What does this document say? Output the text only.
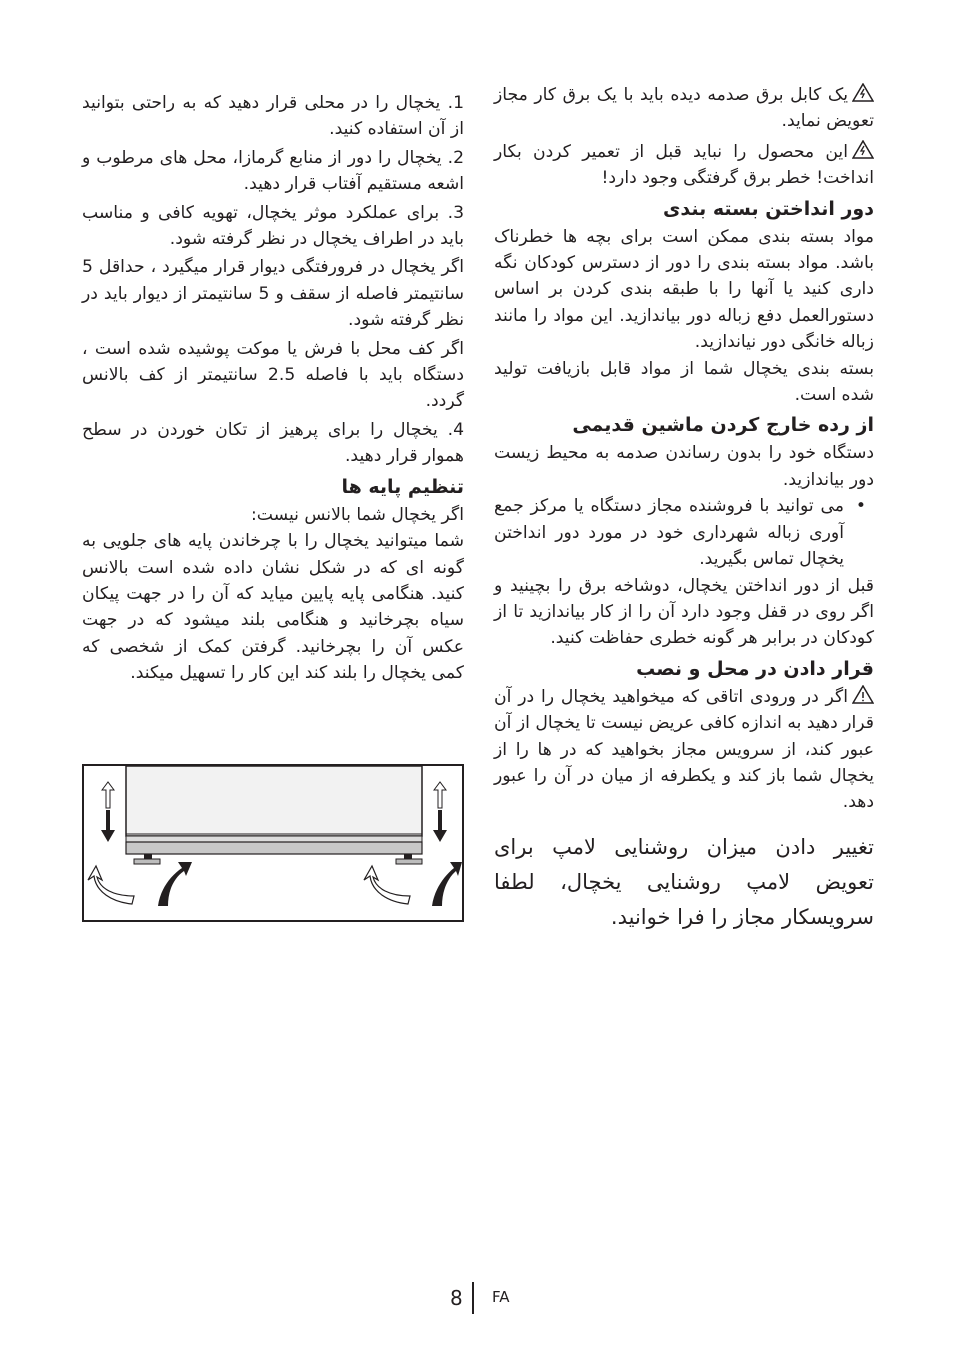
یک کابل برق صدمه دیده باید با یک برق کار مجاز تعویض نماید.

این محصول را نباید قبل از تعمیر کردن بکار انداخت! خطر برق گرفتگی وجود دارد!

دور انداختن بسته بندی

مواد بسته بندی ممکن است برای بچه ها خطرناک باشد. مواد بسته بندی را دور از دسترس کودکان نگه داری کنید یا آنها را با طبقه بندی کردن بر اساس دستورالعمل دفع زباله دور بیاندازید. این مواد را مانند زباله خانگی دور نیاندازید.

بسته بندی یخچال شما از مواد قابل بازیافت تولید شده است.

از رده خارج کردن ماشین قدیمی

دستگاه خود را بدون رساندن صدمه به محیط زیست دور بیاندازید.

•
می توانید با فروشنده مجاز دستگاه یا مرکز جمع آوری زباله شهرداری خود در مورد دور انداختن یخچال تماس بگیرید.

قبل از دور انداختن یخچال، دوشاخه برق را بچینید و اگر روی در قفل وجود دارد آن را از کار بیاندازید تا از کودکان در برابر هر گونه خطری حفاظت کنید.

قرار دادن در محل و نصب

اگر در ورودی اتاقی که میخواهید یخچال را در آن قرار دهید به اندازه کافی عریض نیست تا یخچال از آن عبور کند، از سرویس مجاز بخواهید که در ها را از یخچال شما باز کند و یکطرفه از میان در آن را عبور دهد.

تغییر دادن میزان روشنایی لامپ برای تعویض لامپ روشنایی یخچال، لطفا سرویسکار مجاز را فرا خوانید.

1. یخچال را در محلی قرار دهید که به راحتی بتوانید از آن استفاده کنید.

2. یخچال را دور از منابع گرمازا، محل های مرطوب و اشعه مستقیم آفتاب قرار دهید.

3. برای عملکرد موثر یخچال، تهویه کافی و مناسب باید در اطراف یخچال در نظر گرفته شود.

اگر یخچال در فرورفتگی دیوار قرار میگیرد ، حداقل 5 سانتیمتر فاصله از سقف و 5 سانتیمتر از دیوار باید در نظر گرفته شود.

اگر کف محل با فرش یا موکت پوشیده شده است ، دستگاه باید با فاصله 2.5 سانتیمتر از کف بالانس گردد.

4. یخچال را برای پرهیز از تکان خوردن در سطح هموار قرار دهید.

تنظیم پایه ها

اگر یخچال شما بالانس نیست:

شما میتوانید یخچال را با چرخاندن پایه های جلویی به گونه ای که در شکل نشان داده شده است بالانس کنید. هنگامی پایه پایین میاید که آن را در جهت پیکان سیاه بچرخانید و هنگامی بلند میشود که در جهت عکس آن را بچرخانید. گرفتن کمک از شخصی که کمی یخچال را بلند کند این کار را تسهیل میکند.

8 FA
